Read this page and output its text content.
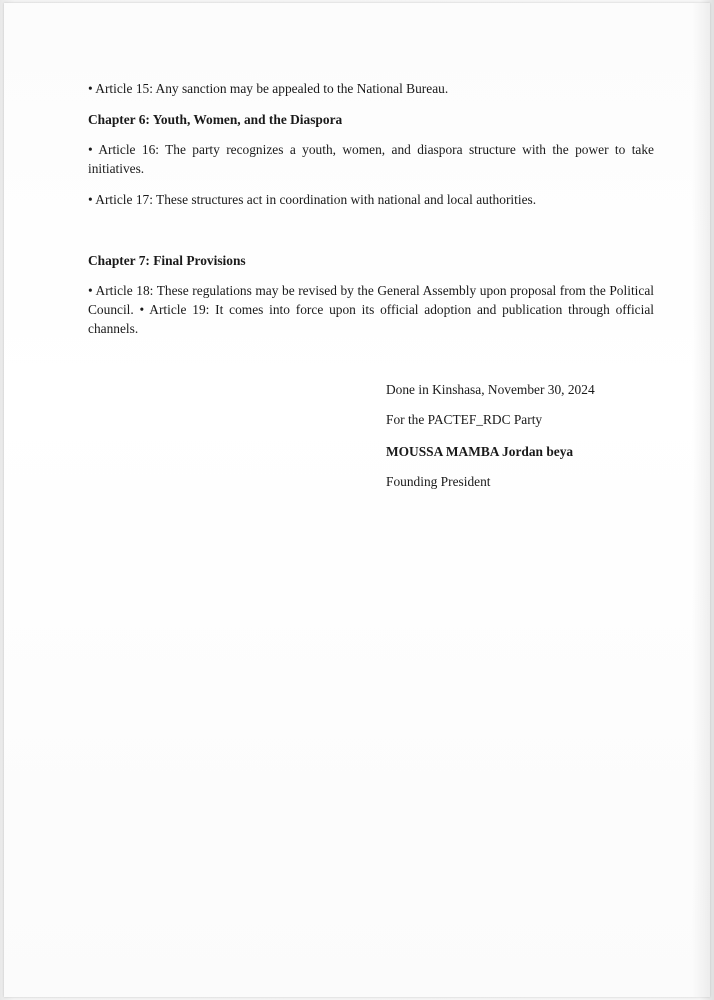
• Article 15: Any sanction may be appealed to the National Bureau.
Chapter 6: Youth, Women, and the Diaspora
• Article 16: The party recognizes a youth, women, and diaspora structure with the power to take initiatives.
• Article 17: These structures act in coordination with national and local authorities.
Chapter 7: Final Provisions
• Article 18: These regulations may be revised by the General Assembly upon proposal from the Political Council. • Article 19: It comes into force upon its official adoption and publication through official channels.
Done in Kinshasa, November 30, 2024
For the PACTEF_RDC Party
MOUSSA MAMBA Jordan beya
Founding President
